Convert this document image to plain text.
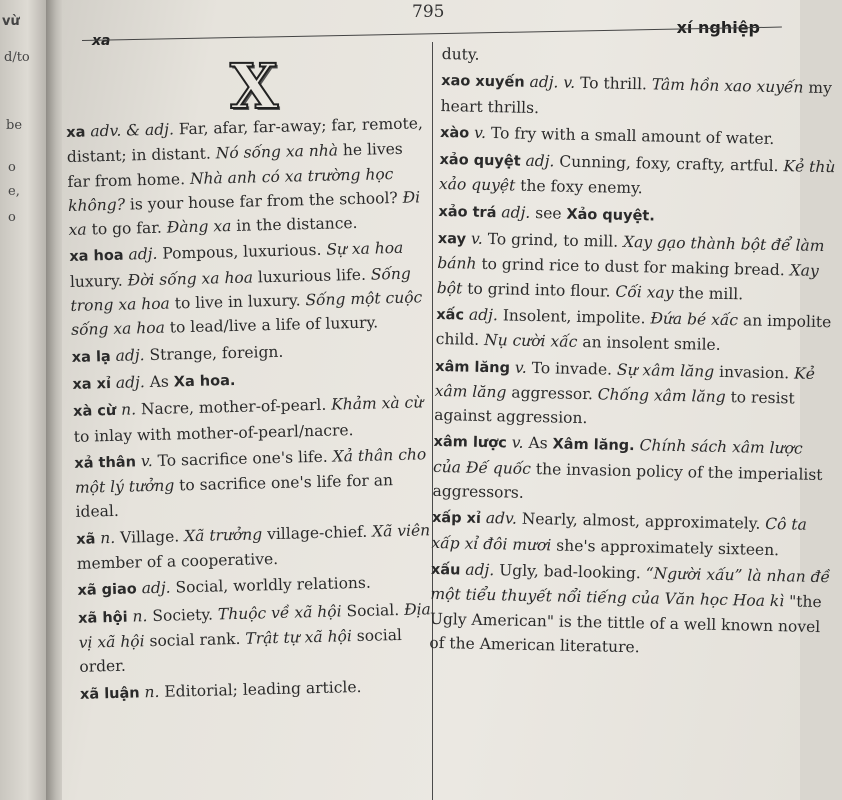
vừ
d/to
be
o
e,
o
795
xa
xí nghiệp
X
xa adv. & adj. Far, afar, far-away; far, remote, distant; in distant. Nó sống xa nhà he lives far from home. Nhà anh có xa trường học không? is your house far from the school? Đi xa to go far. Đàng xa in the distance.
xa hoa adj. Pompous, luxurious. Sự xa hoa luxury. Đời sống xa hoa luxurious life. Sống trong xa hoa to live in luxury. Sống một cuộc sống xa hoa to lead/live a life of luxury.
xa lạ adj. Strange, foreign.
xa xỉ adj. As Xa hoa.
xà cừ n. Nacre, mother-of-pearl. Khảm xà cừ to inlay with mother-of-pearl/nacre.
xả thân v. To sacrifice one's life. Xả thân cho một lý tưởng to sacrifice one's life for an ideal.
xã n. Village. Xã trưởng village-chief. Xã viên member of a cooperative.
xã giao adj. Social, worldly relations.
xã hội n. Society. Thuộc về xã hội Social. Địa vị xã hội social rank. Trật tự xã hội social order.
xã luận n. Editorial; leading article.
duty.
xao xuyến adj. v. To thrill. Tâm hồn xao xuyến my heart thrills.
xào v. To fry with a small amount of water.
xảo quyệt adj. Cunning, foxy, crafty, artful. Kẻ thù xảo quyệt the foxy enemy.
xảo trá adj. see Xảo quyệt.
xay v. To grind, to mill. Xay gạo thành bột để làm bánh to grind rice to dust for making bread. Xay bột to grind into flour. Cối xay the mill.
xấc adj. Insolent, impolite. Đứa bé xấc an impolite child. Nụ cười xấc an insolent smile.
xâm lăng v. To invade. Sự xâm lăng invasion. Kẻ xâm lăng aggressor. Chống xâm lăng to resist against aggression.
xâm lược v. As Xâm lăng. Chính sách xâm lược của Đế quốc the invasion policy of the imperialist aggressors.
xấp xỉ adv. Nearly, almost, approximately. Cô ta xấp xỉ đôi mươi she's approximately sixteen.
xấu adj. Ugly, bad-looking. “Người xấu” là nhan đề một tiểu thuyết nổi tiếng của Văn học Hoa kì "the Ugly American" is the tittle of a well known novel of the American literature.
